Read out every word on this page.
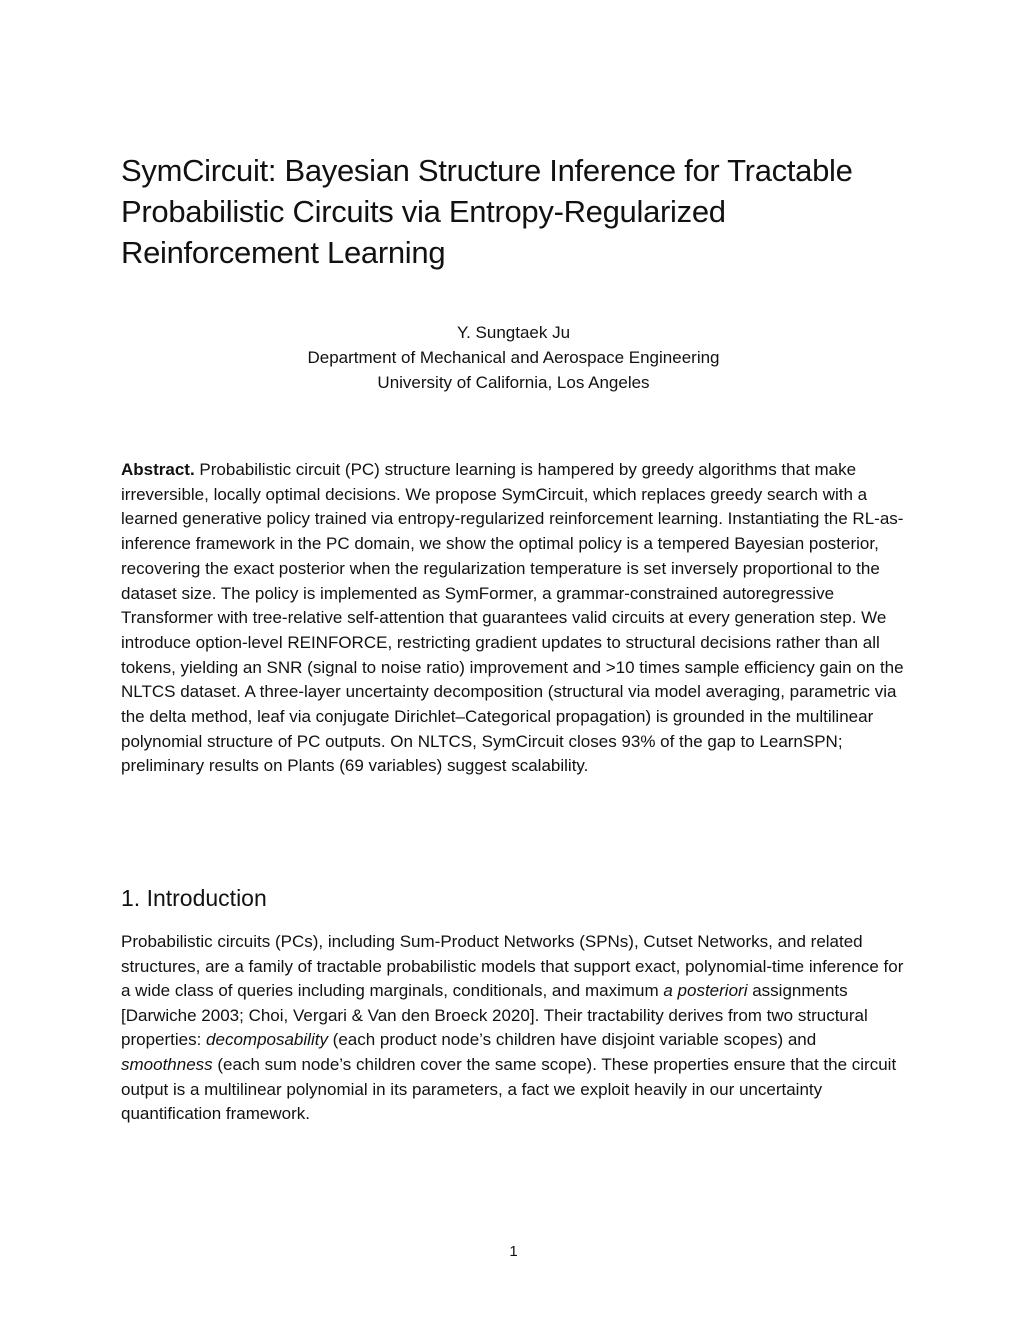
SymCircuit: Bayesian Structure Inference for Tractable Probabilistic Circuits via Entropy-Regularized Reinforcement Learning
Y. Sungtaek Ju
Department of Mechanical and Aerospace Engineering
University of California, Los Angeles

Abstract. Probabilistic circuit (PC) structure learning is hampered by greedy algorithms that make irreversible, locally optimal decisions. We propose SymCircuit, which replaces greedy search with a learned generative policy trained via entropy-regularized reinforcement learning. Instantiating the RL-as-inference framework in the PC domain, we show the optimal policy is a tempered Bayesian posterior, recovering the exact posterior when the regularization temperature is set inversely proportional to the dataset size. The policy is implemented as SymFormer, a grammar-constrained autoregressive Transformer with tree-relative self-attention that guarantees valid circuits at every generation step. We introduce option-level REINFORCE, restricting gradient updates to structural decisions rather than all tokens, yielding an SNR (signal to noise ratio) improvement and >10 times sample efficiency gain on the NLTCS dataset. A three-layer uncertainty decomposition (structural via model averaging, parametric via the delta method, leaf via conjugate Dirichlet–Categorical propagation) is grounded in the multilinear polynomial structure of PC outputs. On NLTCS, SymCircuit closes 93% of the gap to LearnSPN; preliminary results on Plants (69 variables) suggest scalability.

1. Introduction

Probabilistic circuits (PCs), including Sum-Product Networks (SPNs), Cutset Networks, and related structures, are a family of tractable probabilistic models that support exact, polynomial-time inference for a wide class of queries including marginals, conditionals, and maximum a posteriori assignments [Darwiche 2003; Choi, Vergari & Van den Broeck 2020]. Their tractability derives from two structural properties: decomposability (each product node’s children have disjoint variable scopes) and smoothness (each sum node’s children cover the same scope). These properties ensure that the circuit output is a multilinear polynomial in its parameters, a fact we exploit heavily in our uncertainty quantification framework.

1
